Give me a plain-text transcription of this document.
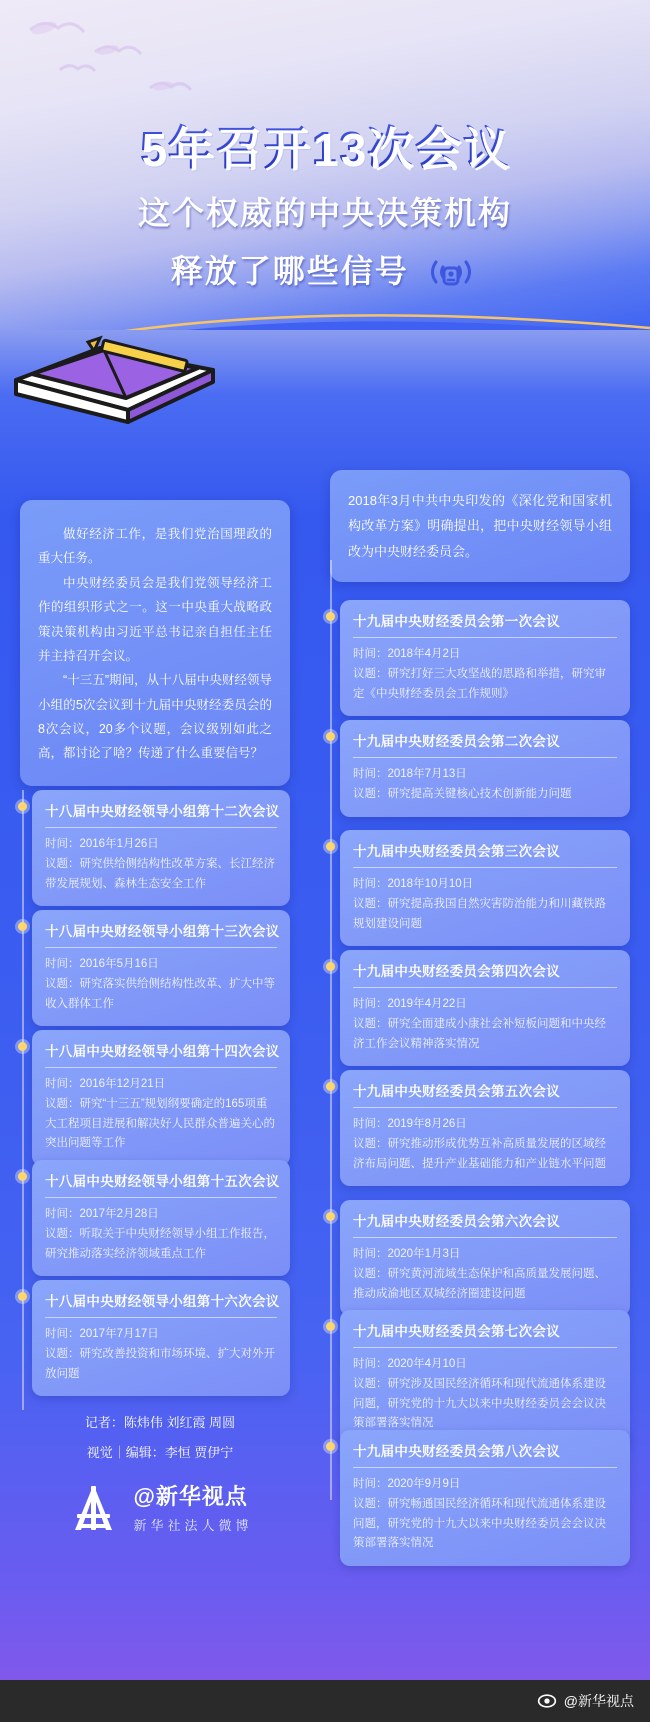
5年召开13次会议
这个权威的中央决策机构
释放了哪些信号

做好经济工作，是我们党治国理政的重大任务。

中央财经委员会是我们党领导经济工作的组织形式之一。这一中央重大战略政策决策机构由习近平总书记亲自担任主任并主持召开会议。

“十三五”期间，从十八届中央财经领导小组的5次会议到十九届中央财经委员会的8次会议，20多个议题，会议级别如此之高，都讨论了啥？传递了什么重要信号？

2018年3月中共中央印发的《深化党和国家机构改革方案》明确提出，把中央财经领导小组改为中央财经委员会。
十八届中央财经领导小组第十二次会议
时间：2016年1月26日
议题：研究供给侧结构性改革方案、长江经济带发展规划、森林生态安全工作
十八届中央财经领导小组第十三次会议
时间：2016年5月16日
议题：研究落实供给侧结构性改革、扩大中等收入群体工作
十八届中央财经领导小组第十四次会议
时间：2016年12月21日
议题：研究“十三五”规划纲要确定的165项重大工程项目进展和解决好人民群众普遍关心的突出问题等工作
十八届中央财经领导小组第十五次会议
时间：2017年2月28日
议题：听取关于中央财经领导小组工作报告，研究推动落实经济领域重点工作
十八届中央财经领导小组第十六次会议
时间：2017年7月17日
议题：研究改善投资和市场环境、扩大对外开放问题
十九届中央财经委员会第一次会议
时间：2018年4月2日
议题：研究打好三大攻坚战的思路和举措，研究审定《中央财经委员会工作规则》
十九届中央财经委员会第二次会议
时间：2018年7月13日
议题：研究提高关键核心技术创新能力问题
十九届中央财经委员会第三次会议
时间：2018年10月10日
议题：研究提高我国自然灾害防治能力和川藏铁路规划建设问题
十九届中央财经委员会第四次会议
时间：2019年4月22日
议题：研究全面建成小康社会补短板问题和中央经济工作会议精神落实情况
十九届中央财经委员会第五次会议
时间：2019年8月26日
议题：研究推动形成优势互补高质量发展的区域经济布局问题、提升产业基础能力和产业链水平问题
十九届中央财经委员会第六次会议
时间：2020年1月3日
议题：研究黄河流域生态保护和高质量发展问题、推动成渝地区双城经济圈建设问题
十九届中央财经委员会第七次会议
时间：2020年4月10日
议题：研究涉及国民经济循环和现代流通体系建设问题，研究党的十九大以来中央财经委员会会议决策部署落实情况
十九届中央财经委员会第八次会议
时间：2020年9月9日
议题：研究畅通国民经济循环和现代流通体系建设问题，研究党的十九大以来中央财经委员会会议决策部署落实情况
记者：陈炜伟 刘红霞 周圆
视觉｜编辑：李恒 贾伊宁
@新华视点
新华社法人微博
@新华视点
